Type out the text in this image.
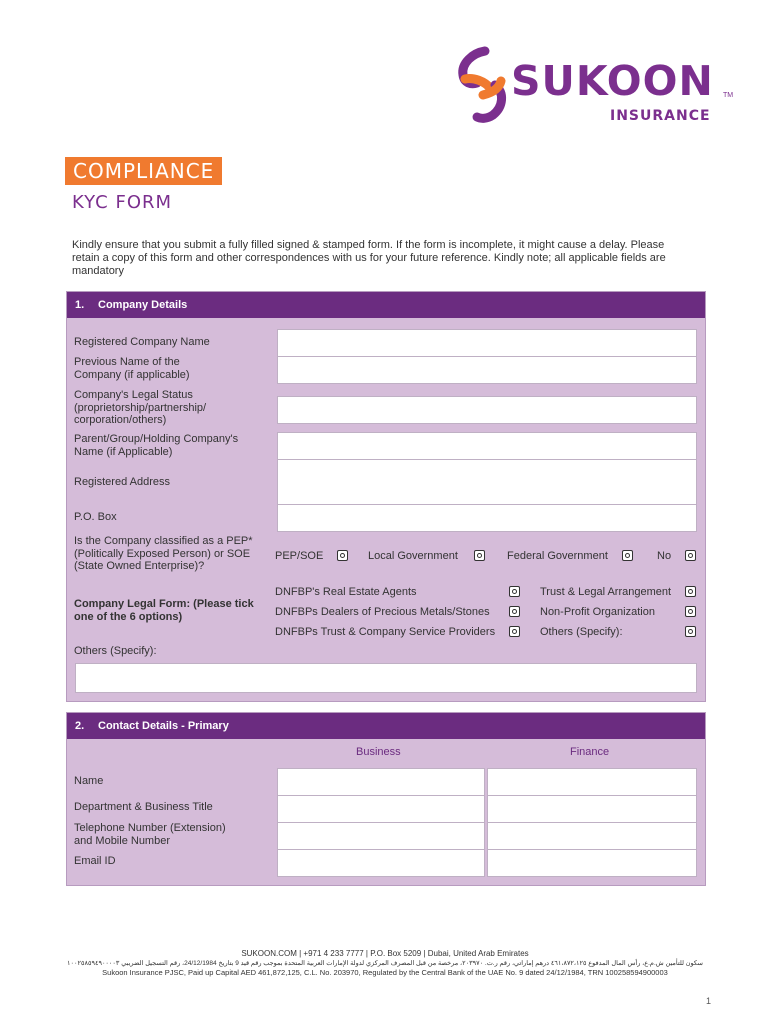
SUKOON TM
INSURANCE
COMPLIANCE
KYC FORM
Kindly ensure that you submit a fully filled signed & stamped form. If the form is incomplete, it might cause a delay. Please retain a copy of this form and other correspondences with us for your future reference. Kindly note; all applicable fields are mandatory
1. Company Details
Registered Company Name
Previous Name of the Company (if applicable)
Company's Legal Status (proprietorship/partnership/ corporation/others)
Parent/Group/Holding Company's Name (if Applicable)
Registered Address
P.O. Box
Is the Company classified as a PEP* (Politically Exposed Person) or SOE (State Owned Enterprise)?
PEP/SOE	Local Government	Federal Government	No
Company Legal Form: (Please tick one of the 6 options)
DNFBP's Real Estate Agents	Trust & Legal Arrangement
DNFBPs Dealers of Precious Metals/Stones	Non-Profit Organization
DNFBPs Trust & Company Service Providers	Others (Specify):
Others (Specify):
2. Contact Details - Primary
Business	Finance
Name
Department & Business Title
Telephone Number (Extension) and Mobile Number
Email ID
SUKOON.COM | +971 4 233 7777 | P.O. Box 5209 | Dubai, United Arab Emirates
سكون للتأمين ش.م.ع، رأس المال المدفوع ٤٦١،٨٧٢،١٢٥ درهم إماراتي، رقم ر.ت. ٢٠٣٩٧٠، مرخصة من قبل المصرف المركزي لدولة الإمارات العربية المتحدة بموجب رقم قيد 9 بتاريخ 24/12/1984، رقم التسجيل الضريبي ١٠٠٢٥٨٥٩٤٩٠٠٠٠٣
Sukoon Insurance PJSC, Paid up Capital AED 461,872,125, C.L. No. 203970, Regulated by the Central Bank of the UAE No. 9 dated 24/12/1984, TRN 100258594900003
1
